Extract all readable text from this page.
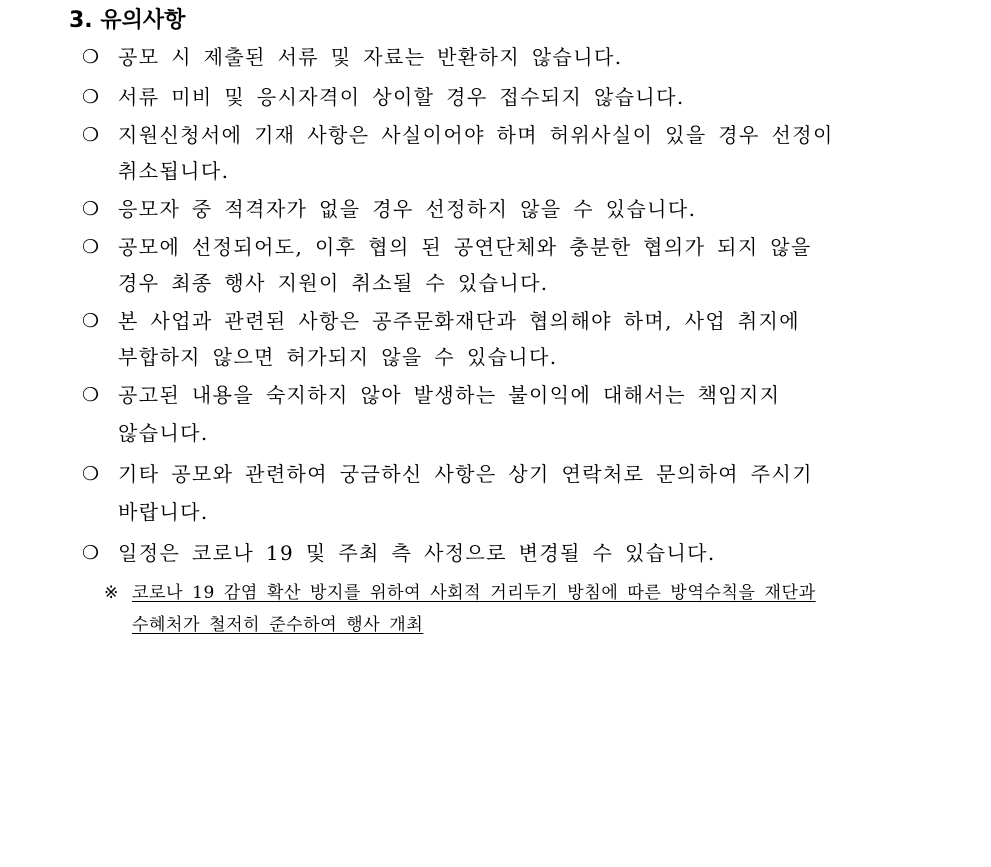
3. 유의사항
❍ 공모 시 제출된 서류 및 자료는 반환하지 않습니다.
❍ 서류 미비 및 응시자격이 상이할 경우 접수되지 않습니다.
❍ 지원신청서에 기재 사항은 사실이어야 하며 허위사실이 있을 경우 선정이
취소됩니다.
❍ 응모자 중 적격자가 없을 경우 선정하지 않을 수 있습니다.
❍ 공모에 선정되어도, 이후 협의 된 공연단체와 충분한 협의가 되지 않을
경우 최종 행사 지원이 취소될 수 있습니다.
❍ 본 사업과 관련된 사항은 공주문화재단과 협의해야 하며, 사업 취지에
부합하지 않으면 허가되지 않을 수 있습니다.
❍ 공고된 내용을 숙지하지 않아 발생하는 불이익에 대해서는 책임지지
않습니다.
❍ 기타 공모와 관련하여 궁금하신 사항은 상기 연락처로 문의하여 주시기
바랍니다.
❍ 일정은 코로나 19 및 주최 측 사정으로 변경될 수 있습니다.
※ 코로나 19 감염 확산 방지를 위하여 사회적 거리두기 방침에 따른 방역수칙을 재단과
수혜처가 철저히 준수하여 행사 개최
